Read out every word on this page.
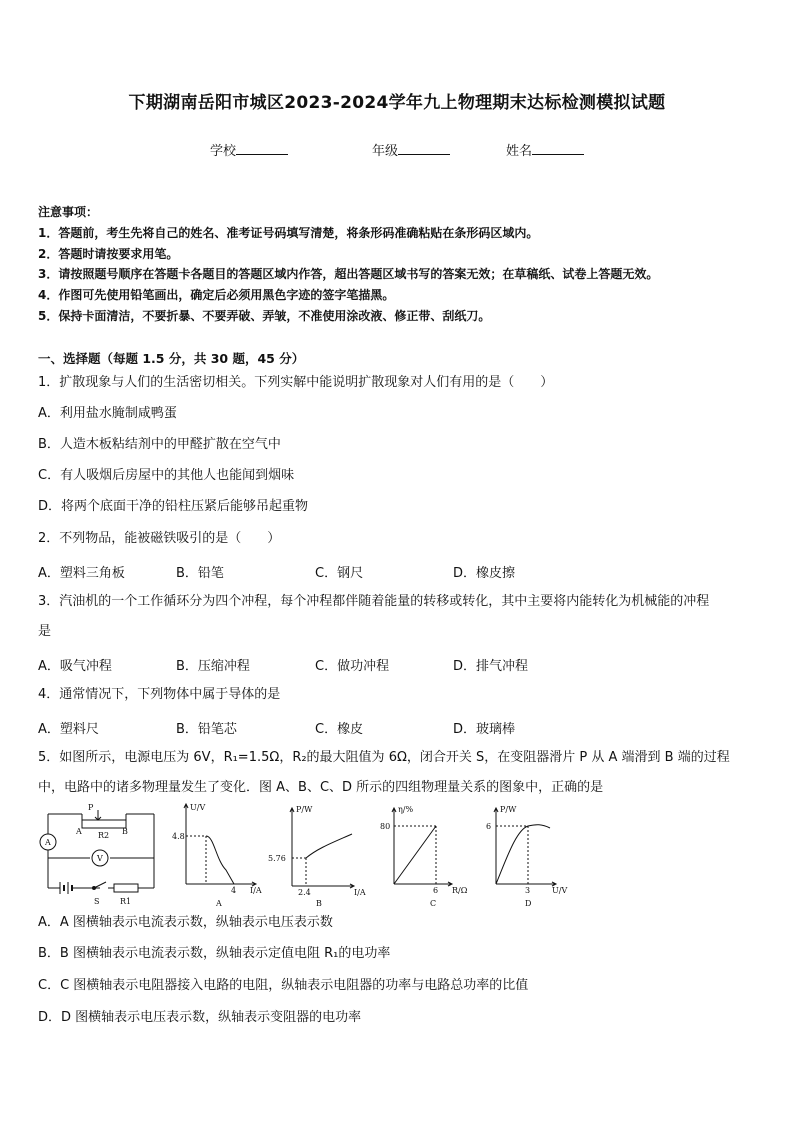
下期湖南岳阳市城区2023-2024学年九上物理期末达标检测模拟试题
学校	年级	姓名
注意事项：
1．答题前，考生先将自己的姓名、准考证号码填写清楚，将条形码准确粘贴在条形码区域内。
2．答题时请按要求用笔。
3．请按照题号顺序在答题卡各题目的答题区域内作答，超出答题区域书写的答案无效；在草稿纸、试卷上答题无效。
4．作图可先使用铅笔画出，确定后必须用黑色字迹的签字笔描黑。
5．保持卡面清洁，不要折暴、不要弄破、弄皱，不准使用涂改液、修正带、刮纸刀。
一、选择题（每题 1.5 分，共 30 题，45 分）
1．扩散现象与人们的生活密切相关。下列实解中能说明扩散现象对人们有用的是（　　）
A．利用盐水腌制咸鸭蛋
B．人造木板粘结剂中的甲醛扩散在空气中
C．有人吸烟后房屋中的其他人也能闻到烟味
D．将两个底面干净的铅柱压紧后能够吊起重物
2．不列物品，能被磁铁吸引的是（　　）
A．塑料三角板	B．铅笔	C．钢尺	D．橡皮擦
3．汽油机的一个工作循环分为四个冲程，每个冲程都伴随着能量的转移或转化，其中主要将内能转化为机械能的冲程
是
A．吸气冲程	B．压缩冲程	C．做功冲程	D．排气冲程
4．通常情况下，下列物体中属于导体的是
A．塑料尺	B．铅笔芯	C．橡皮	D．玻璃棒
5．如图所示，电源电压为 6V，R₁=1.5Ω，R₂的最大阻值为 6Ω，闭合开关 S，在变阻器滑片 P 从 A 端滑到 B 端的过程
中，电路中的诸多物理量发生了变化．图 A、B、C、D 所示的四组物理量关系的图象中，正确的是
A
V
A	B
P
R2
R1
S
U/V
4.8
4 I/A
A
P/W
5.76
2.4	I/A
B
η/%
80
6 R/Ω
C
P/W
6
3	U/V
D
A．A 图横轴表示电流表示数，纵轴表示电压表示数
B．B 图横轴表示电流表示数，纵轴表示定值电阻 R₁的电功率
C．C 图横轴表示电阻器接入电路的电阻，纵轴表示电阻器的功率与电路总功率的比值
D．D 图横轴表示电压表示数，纵轴表示变阻器的电功率
